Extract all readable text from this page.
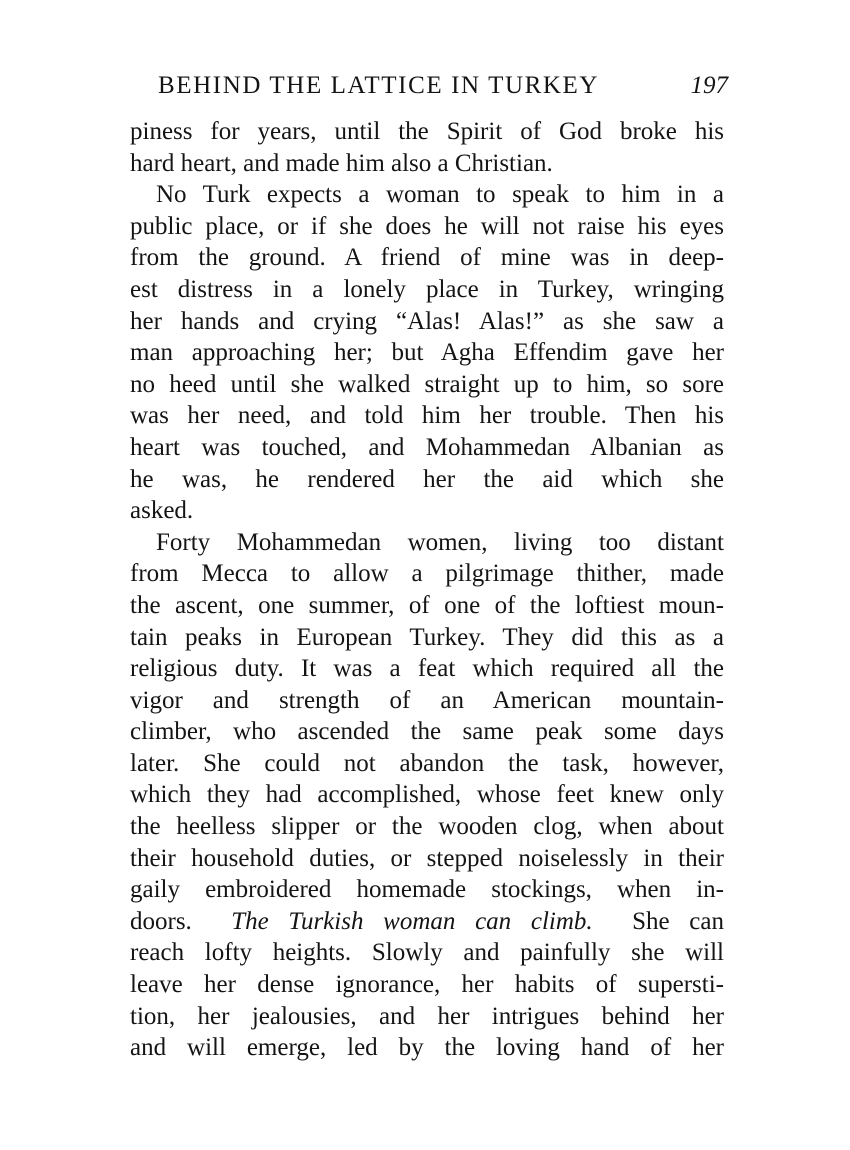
BEHIND THE LATTICE IN TURKEY	197
piness for years, until the Spirit of God broke his
hard heart, and made him also a Christian.
No Turk expects a woman to speak to him in a
public place, or if she does he will not raise his eyes
from the ground. A friend of mine was in deep-
est distress in a lonely place in Turkey, wringing
her hands and crying “Alas! Alas!” as she saw a
man approaching her; but Agha Effendim gave her
no heed until she walked straight up to him, so sore
was her need, and told him her trouble. Then his
heart was touched, and Mohammedan Albanian as
he was, he rendered her the aid which she
asked.
Forty Mohammedan women, living too distant
from Mecca to allow a pilgrimage thither, made
the ascent, one summer, of one of the loftiest moun-
tain peaks in European Turkey. They did this as a
religious duty. It was a feat which required all the
vigor and strength of an American mountain-
climber, who ascended the same peak some days
later. She could not abandon the task, however,
which they had accomplished, whose feet knew only
the heelless slipper or the wooden clog, when about
their household duties, or stepped noiselessly in their
gaily embroidered homemade stockings, when in-
doors. The Turkish woman can climb. She can
reach lofty heights. Slowly and painfully she will
leave her dense ignorance, her habits of supersti-
tion, her jealousies, and her intrigues behind her
and will emerge, led by the loving hand of her
